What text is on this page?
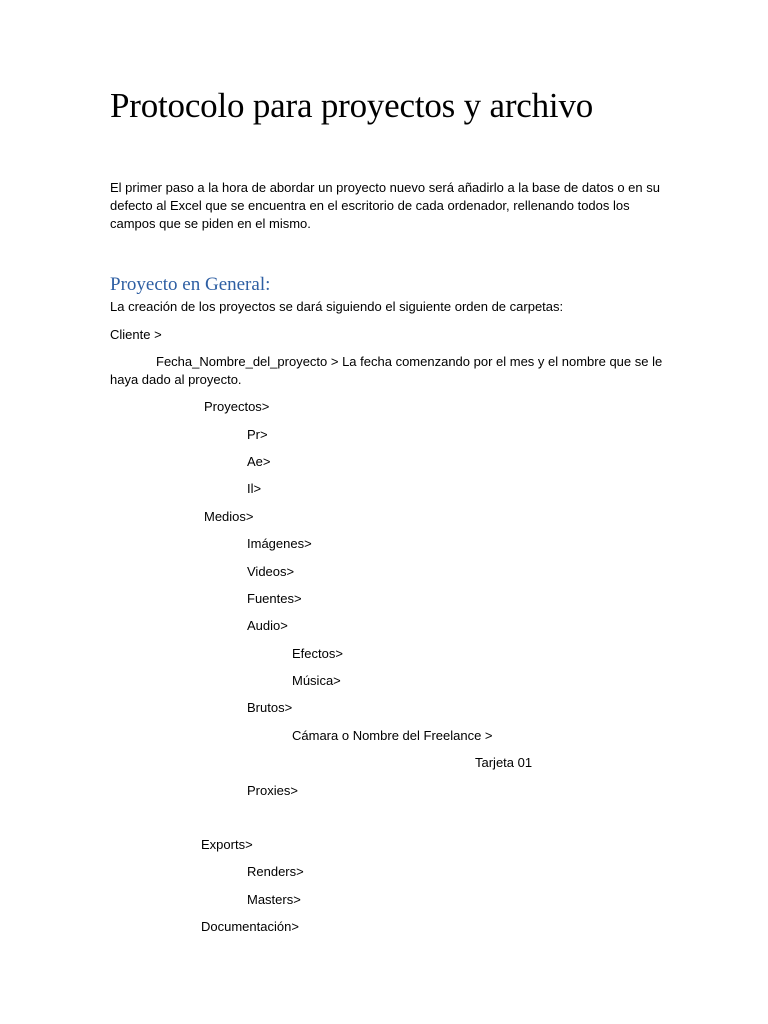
Protocolo para proyectos y archivo

El primer paso a la hora de abordar un proyecto nuevo será añadirlo a la base de datos o en su defecto al Excel que se encuentra en el escritorio de cada ordenador, rellenando todos los campos que se piden en el mismo.

Proyecto en General:

La creación de los proyectos se dará siguiendo el siguiente orden de carpetas:

Cliente >

Fecha_Nombre_del_proyecto > La fecha comenzando por el mes y el nombre que se le haya dado al proyecto.

Proyectos>

Pr>

Ae>

Il>

Medios>

Imágenes>

Videos>

Fuentes>

Audio>

Efectos>

Música>

Brutos>

Cámara o Nombre del Freelance >

Tarjeta 01

Proxies>

Exports>

Renders>

Masters>

Documentación>
